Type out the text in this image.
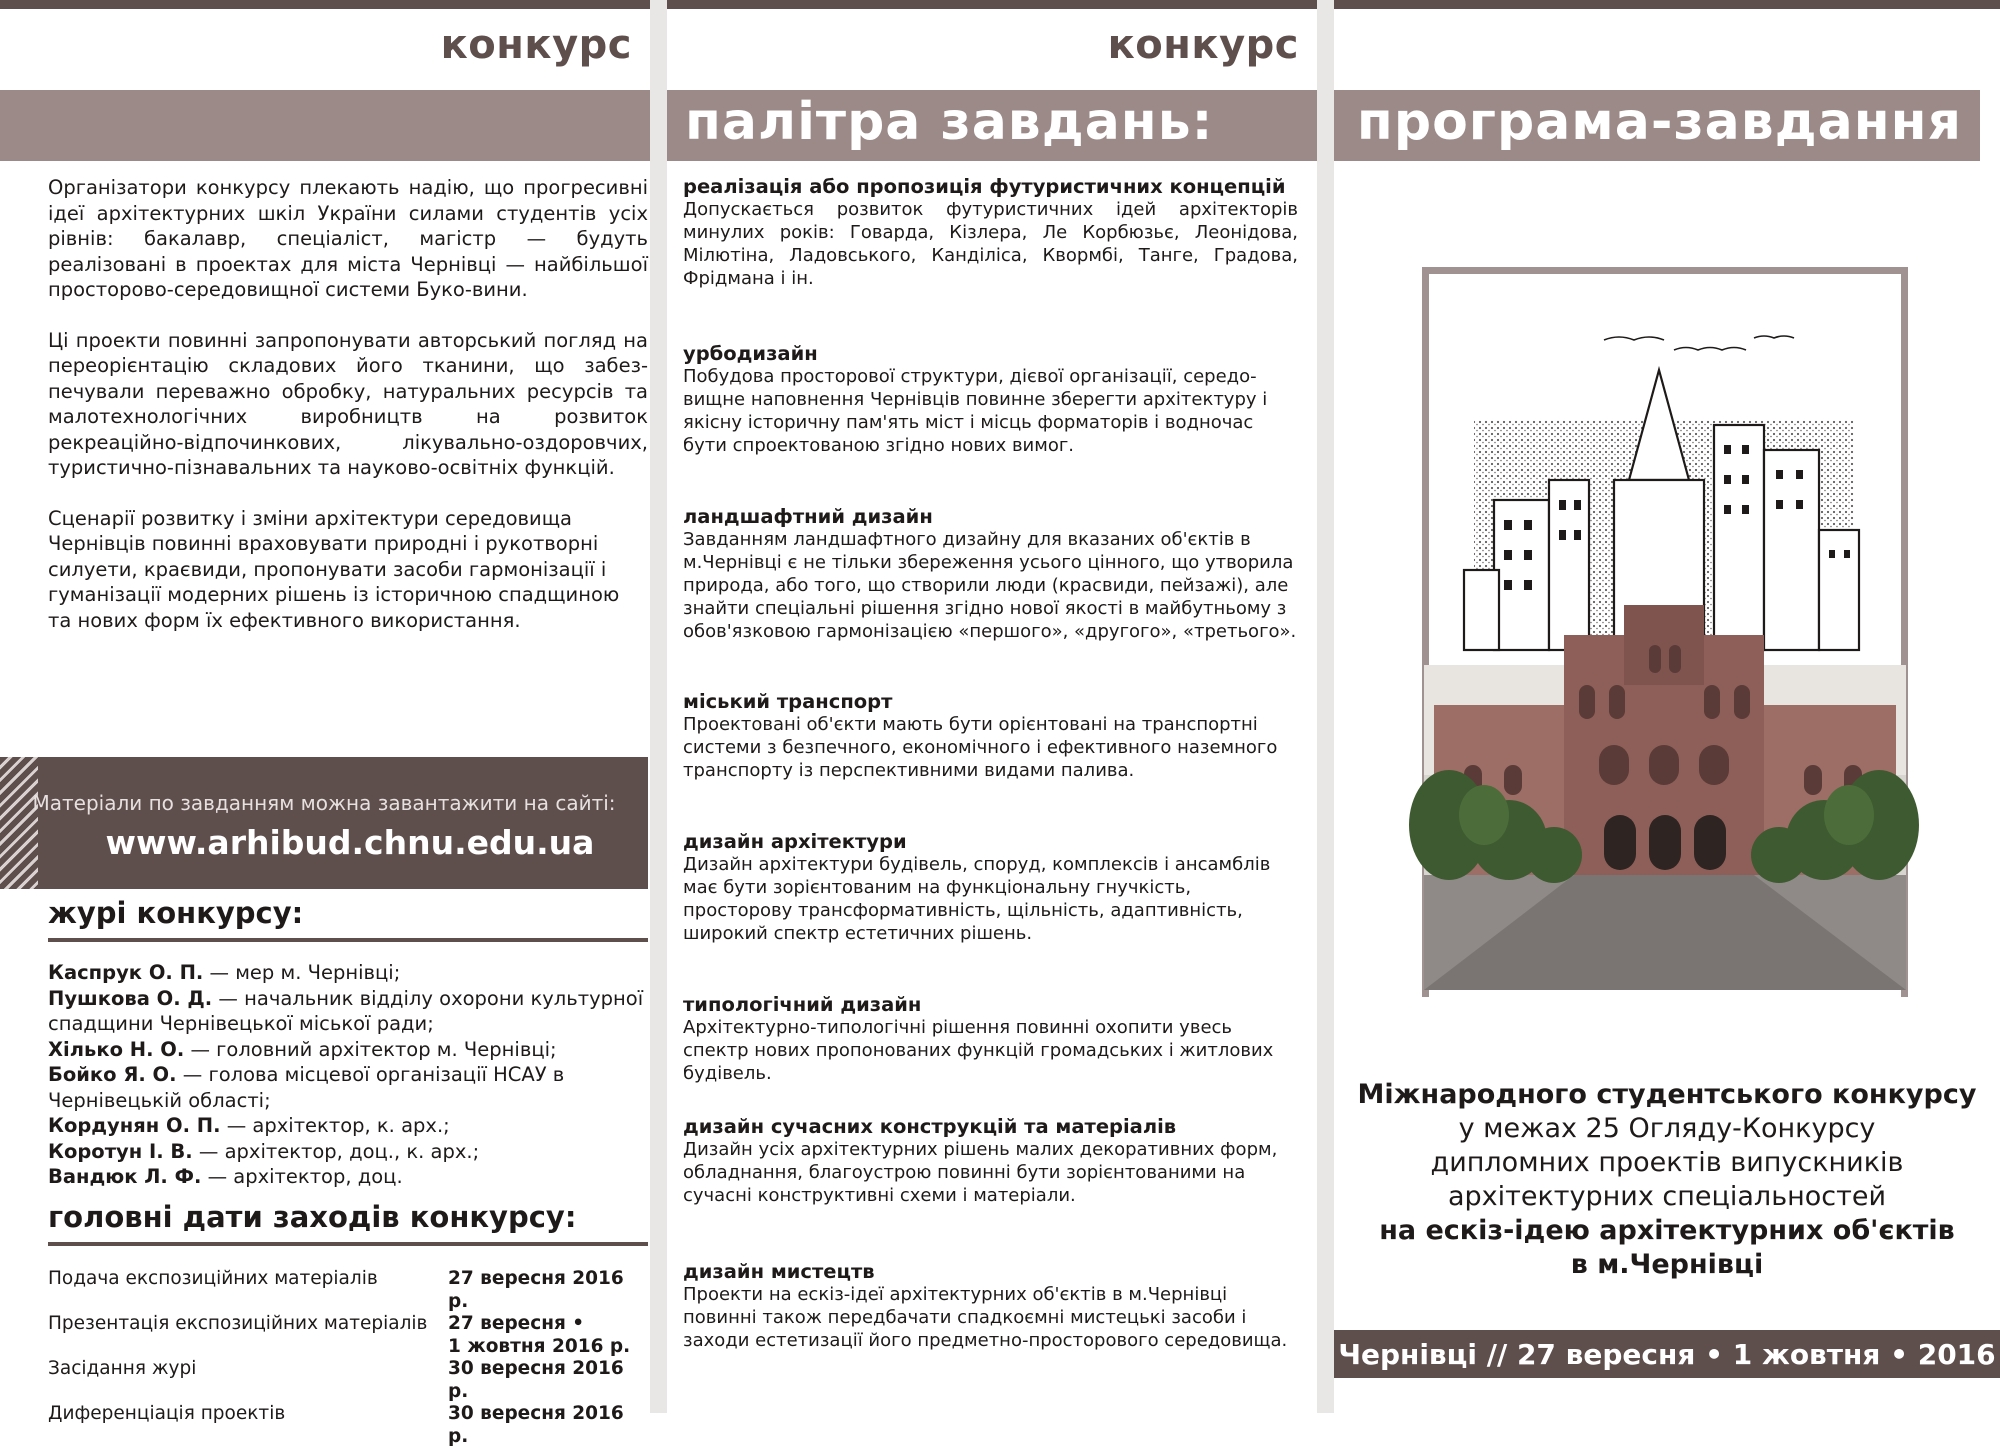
конкурс

Організатори конкурсу плекають надію, що прогресивні ідеї архітектурних шкіл України силами студентів усіх рівнів: бакалавр, спеціаліст, магістр — будуть реалізовані в проектах для міста Чернівці — найбільшої просторово-середовищної системи Буко-вини.

Ці проекти повинні запропонувати авторський погляд на переорієнтацію складових його тканини, що забез-печували переважно обробку, натуральних ресурсів та малотехнологічних виробництв на розвиток рекреаційно-відпочинкових, лікувально-оздоровчих, туристично-пізнавальних та науково-освітніх функцій.

Сценарії розвитку і зміни архітектури середовища Чернівців повинні враховувати природні і рукотворні силуети, краєвиди, пропонувати засоби гармонізації і гуманізації модерних рішень із історичною спадщиною та нових форм їх ефективного використання.

Матеріали по завданням можна завантажити на сайті:
www.arhibud.chnu.edu.ua
журі конкурсу:
Каспрук О. П. — мер м. Чернівці;
Пушкова О. Д. — начальник відділу охорони культурної спадщини Чернівецької міської ради;
Хілько Н. О. — головний архітектор м. Чернівці;
Бойко Я. О. — голова місцевої організації НСАУ в Чернівецькій області;
Кордунян О. П. — архітектор, к. арх.;
Коротун І. В. — архітектор, доц., к. арх.;
Вандюк Л. Ф. — архітектор, доц.
головні дати заходів конкурсу:
Подача експозиційних матеріалів	27 вересня 2016 р.
Презентація експозиційних матеріалів	27 вересня •
1 жовтня 2016 р.
Засідання журі	30 вересня 2016 р.
Диференціація проектів	30 вересня 2016 р.
конкурс
палітра завдань:
реалізація або пропозиція футуристичних концепцій

Допускається розвиток футуристичних ідей архітекторів минулих років: Говарда, Кізлера, Ле Корбюзьє, Леонідова, Мілютіна, Ладовського, Канділіса, Квормбі, Танге, Градова, Фрідмана і ін.

урбодизайн

Побудова просторової структури, дієвої організації, середо-вищне наповнення Чернівців повинне зберегти архітектуру і якісну історичну пам'ять міст і місць форматорів і водночас бути спроектованою згідно нових вимог.

ландшафтний дизайн

Завданням ландшафтного дизайну для вказаних об'єктів в м.Чернівці є не тільки збереження усього цінного, що утворила природа, або того, що створили люди (красвиди, пейзажі), але знайти спеціальні рішення згідно нової якості в майбутньому з обов'язковою гармонізацією «першого», «другого», «третього».

міський транспорт

Проектовані об'єкти мають бути орієнтовані на транспортні системи з безпечного, економічного і ефективного наземного транспорту із перспективними видами палива.

дизайн архітектури

Дизайн архітектури будівель, споруд, комплексів і ансамблів має бути зорієнтованим на функціональну гнучкість, просторову трансформативність, щільність, адаптивність, широкий спектр естетичних рішень.

типологічний дизайн

Архітектурно-типологічні рішення повинні охопити увесь спектр нових пропонованих функцій громадських і житлових будівель.

дизайн сучасних конструкцій та матеріалів

Дизайн усіх архітектурних рішень малих декоративних форм, обладнання, благоустрою повинні бути зорієнтованими на сучасні конструктивні схеми і матеріали.

дизайн мистецтв

Проекти на ескіз-ідеї архітектурних об'єктів в м.Чернівці повинні також передбачати спадкоємні мистецькі засоби і заходи естетизації його предметно-просторового середовища.

програма-завдання
Міжнародного студентського конкурсу
у межах 25 Огляду-Конкурсу
дипломних проектів випускників
архітектурних спеціальностей
на ескіз-ідею архітектурних об'єктів
в м.Чернівці
Чернівці // 27 вересня • 1 жовтня • 2016
